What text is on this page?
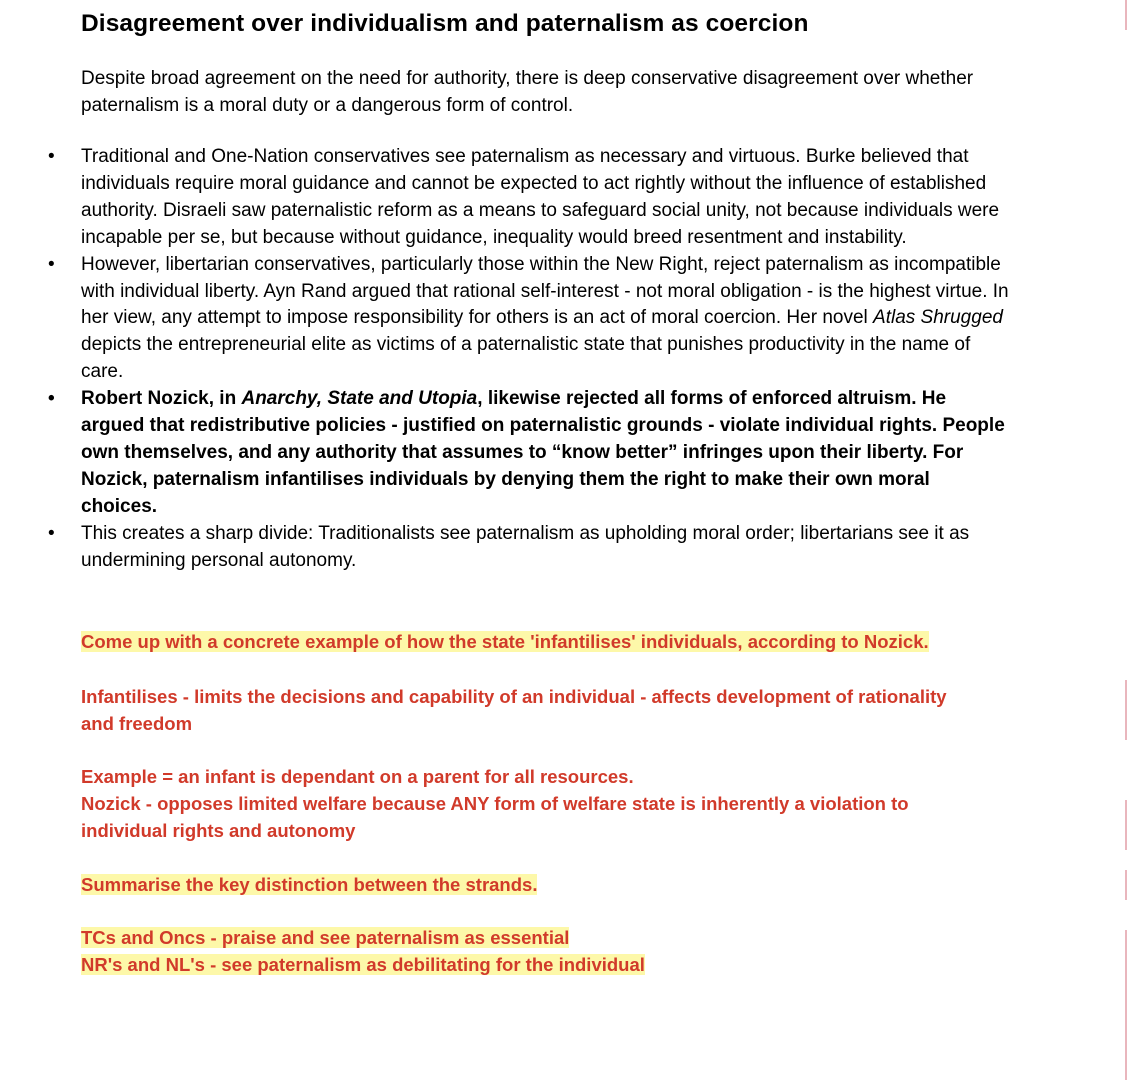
Disagreement over individualism and paternalism as coercion

Despite broad agreement on the need for authority, there is deep conservative disagreement over whether paternalism is a moral duty or a dangerous form of control.

• Traditional and One-Nation conservatives see paternalism as necessary and virtuous. Burke believed that individuals require moral guidance and cannot be expected to act rightly without the influence of established authority. Disraeli saw paternalistic reform as a means to safeguard social unity, not because individuals were incapable per se, but because without guidance, inequality would breed resentment and instability.
• However, libertarian conservatives, particularly those within the New Right, reject paternalism as incompatible with individual liberty. Ayn Rand argued that rational self-interest - not moral obligation - is the highest virtue. In her view, any attempt to impose responsibility for others is an act of moral coercion. Her novel Atlas Shrugged depicts the entrepreneurial elite as victims of a paternalistic state that punishes productivity in the name of care.
• Robert Nozick, in Anarchy, State and Utopia, likewise rejected all forms of enforced altruism. He argued that redistributive policies - justified on paternalistic grounds - violate individual rights. People own themselves, and any authority that assumes to “know better” infringes upon their liberty. For Nozick, paternalism infantilises individuals by denying them the right to make their own moral choices.
• This creates a sharp divide: Traditionalists see paternalism as upholding moral order; libertarians see it as undermining personal autonomy.

Come up with a concrete example of how the state 'infantilises' individuals, according to Nozick.

Infantilises - limits the decisions and capability of an individual - affects development of rationality
and freedom

Example = an infant is dependant on a parent for all resources.
Nozick - opposes limited welfare because ANY form of welfare state is inherently a violation to
individual rights and autonomy

Summarise the key distinction between the strands.

TCs and Oncs - praise and see paternalism as essential
NR's and NL's - see paternalism as debilitating for the individual
